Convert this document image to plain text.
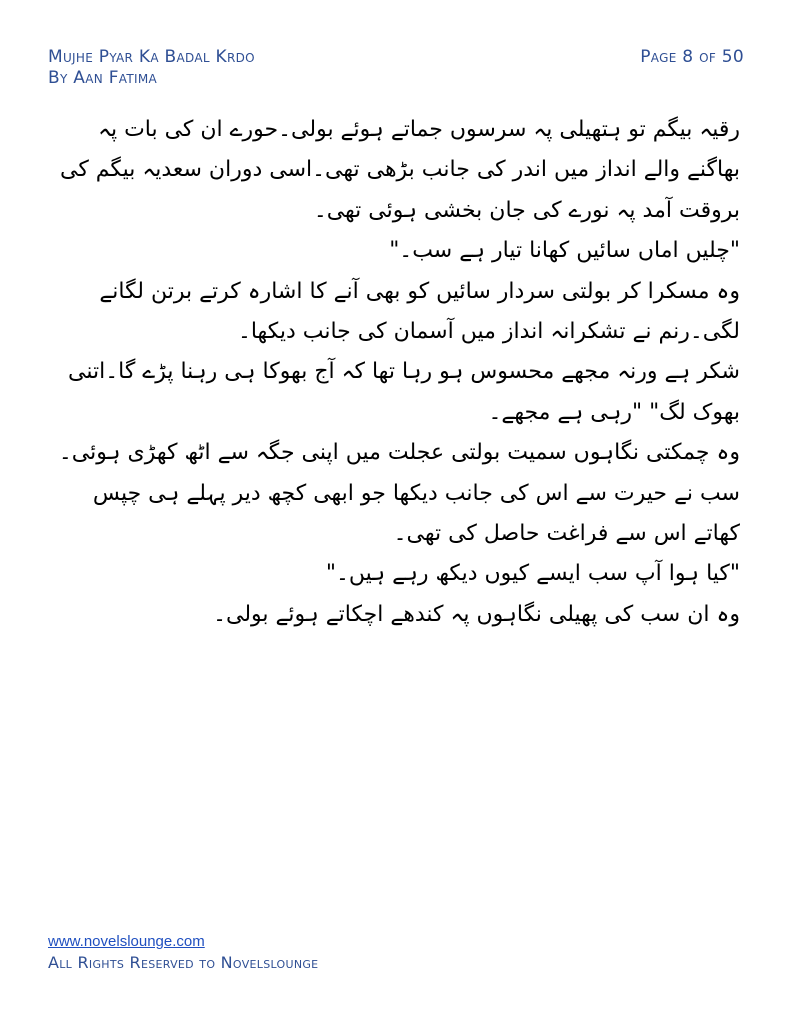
Mujhe Pyar Ka Badal Krdo
By Aan Fatima
Page 8 of 50

رقیہ بیگم تو ہتھیلی پہ سرسوں جماتے ہوئے بولی۔حورے ان کی بات پہ بھاگنے والے انداز میں اندر کی جانب بڑھی تھی۔اسی دوران سعدیہ بیگم کی بروقت آمد پہ نورے کی جان بخشی ہوئی تھی۔

"چلیں اماں سائیں کھانا تیار ہے سب۔"

وہ مسکرا کر بولتی سردار سائیں کو بھی آنے کا اشارہ کرتے برتن لگانے لگی۔رنم نے تشکرانہ انداز میں آسمان کی جانب دیکھا۔

شکر ہے ورنہ مجھے محسوس ہو رہا تھا کہ آج بھوکا ہی رہنا پڑے گا۔اتنی بھوک لگ" "رہی ہے مجھے۔

وہ چمکتی نگاہوں سمیت بولتی عجلت میں اپنی جگہ سے اٹھ کھڑی ہوئی۔سب نے حیرت سے اس کی جانب دیکھا جو ابھی کچھ دیر پہلے ہی چپس کھاتے اس سے فراغت حاصل کی تھی۔

"کیا ہوا آپ سب ایسے کیوں دیکھ رہے ہیں۔"

وہ ان سب کی پھیلی نگاہوں پہ کندھے اچکاتے ہوئے بولی۔

www.novelslounge.com
All Rights Reserved to Novelslounge
